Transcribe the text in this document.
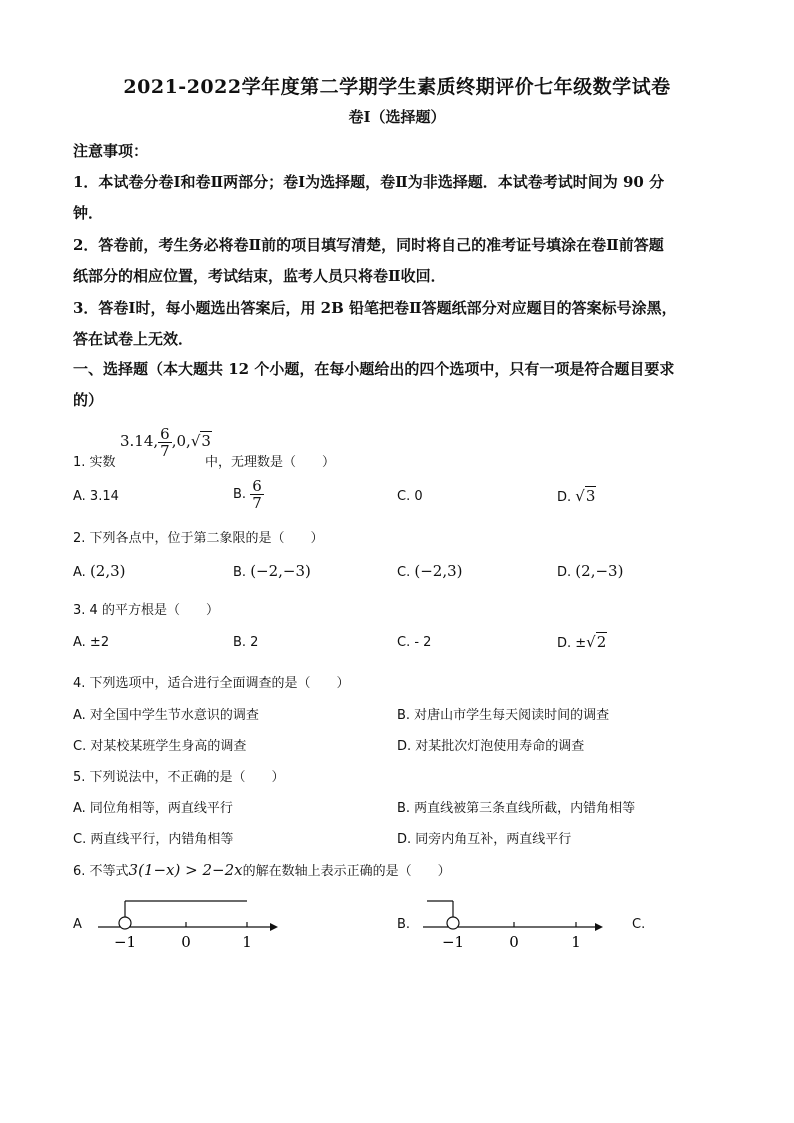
2021-2022学年度第二学期学生素质终期评价七年级数学试卷
卷Ⅰ（选择题）
注意事项：
1．本试卷分卷Ⅰ和卷Ⅱ两部分；卷Ⅰ为选择题，卷Ⅱ为非选择题．本试卷考试时间为 90 分
钟．
2．答卷前，考生务必将卷Ⅱ前的项目填写清楚，同时将自己的准考证号填涂在卷Ⅱ前答题
纸部分的相应位置，考试结束，监考人员只将卷Ⅱ收回．
3．答卷Ⅰ时，每小题选出答案后，用 2B 铅笔把卷Ⅱ答题纸部分对应题目的答案标号涂黑，
答在试卷上无效．
一、选择题（本大题共 12 个小题，在每小题给出的四个选项中，只有一项是符合题目要求
的）
1. 实数
3.14, $\frac{6}{7} ,0,√3$
中，无理数是（　　）
A. 3.14	B. $\frac{6}{7}$	C. 0	D. √3
2. 下列各点中，位于第二象限的是（　　）
A. (2,3)	B. (−2,−3)	C. (−2,3)	D. (2,−3)
3. 4 的平方根是（　　）
A. ±2	B. 2	C. - 2	D. ±√2
4. 下列选项中，适合进行全面调查的是（　　）
A. 对全国中学生节水意识的调查	B. 对唐山市学生每天阅读时间的调查
C. 对某校某班学生身高的调查	D. 对某批次灯泡使用寿命的调查
5. 下列说法中，不正确的是（　　）
A. 同位角相等，两直线平行	B. 两直线被第三条直线所截，内错角相等
C. 两直线平行，内错角相等	D. 同旁内角互补，两直线平行
6. 不等式3(1−x) > 2−2x的解在数轴上表示正确的是（　　）
A	B.	C.
−1	0	1	−1	0	1
